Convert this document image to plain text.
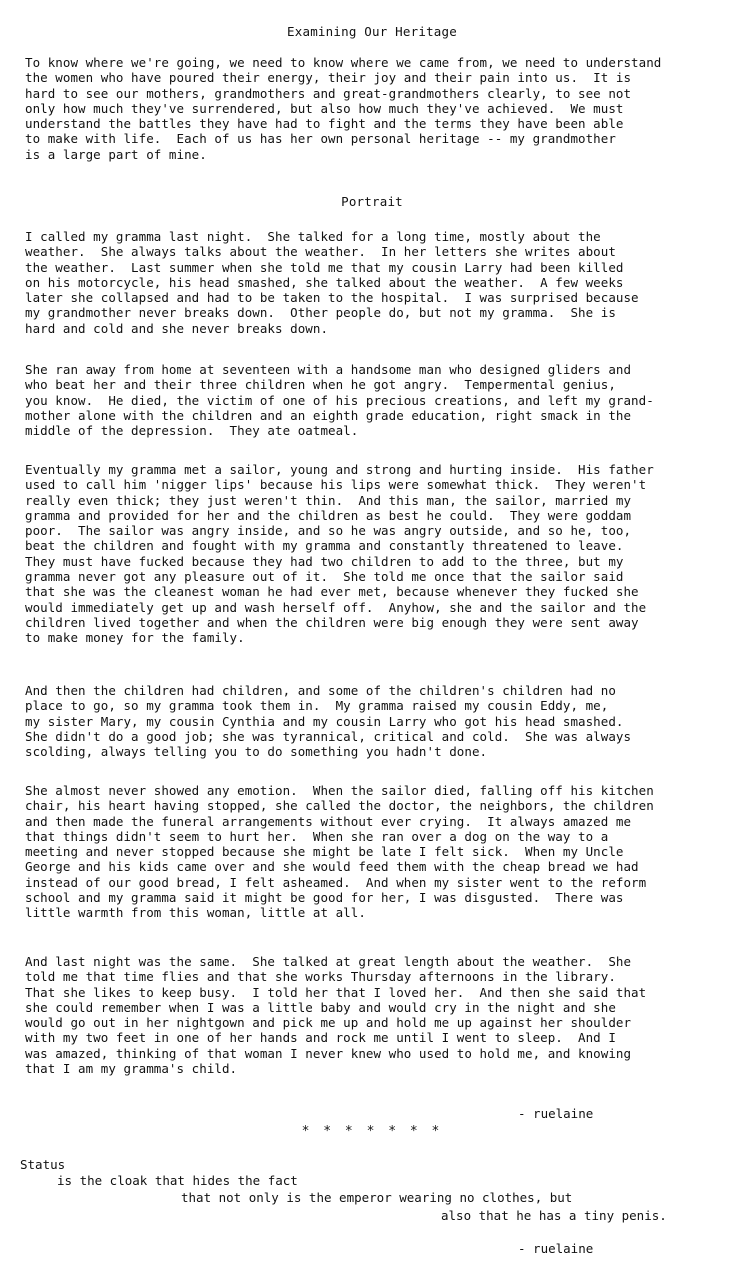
Examining Our Heritage
To know where we're going, we need to know where we came from, we need to understand
the women who have poured their energy, their joy and their pain into us.  It is
hard to see our mothers, grandmothers and great-grandmothers clearly, to see not
only how much they've surrendered, but also how much they've achieved.  We must
understand the battles they have had to fight and the terms they have been able
to make with life.  Each of us has her own personal heritage -- my grandmother
is a large part of mine.
Portrait
I called my gramma last night.  She talked for a long time, mostly about the
weather.  She always talks about the weather.  In her letters she writes about
the weather.  Last summer when she told me that my cousin Larry had been killed
on his motorcycle, his head smashed, she talked about the weather.  A few weeks
later she collapsed and had to be taken to the hospital.  I was surprised because
my grandmother never breaks down.  Other people do, but not my gramma.  She is
hard and cold and she never breaks down.
She ran away from home at seventeen with a handsome man who designed gliders and
who beat her and their three children when he got angry.  Tempermental genius,
you know.  He died, the victim of one of his precious creations, and left my grand-
mother alone with the children and an eighth grade education, right smack in the
middle of the depression.  They ate oatmeal.
Eventually my gramma met a sailor, young and strong and hurting inside.  His father
used to call him 'nigger lips' because his lips were somewhat thick.  They weren't
really even thick; they just weren't thin.  And this man, the sailor, married my
gramma and provided for her and the children as best he could.  They were goddam
poor.  The sailor was angry inside, and so he was angry outside, and so he, too,
beat the children and fought with my gramma and constantly threatened to leave.
They must have fucked because they had two children to add to the three, but my
gramma never got any pleasure out of it.  She told me once that the sailor said
that she was the cleanest woman he had ever met, because whenever they fucked she
would immediately get up and wash herself off.  Anyhow, she and the sailor and the
children lived together and when the children were big enough they were sent away
to make money for the family.
And then the children had children, and some of the children's children had no
place to go, so my gramma took them in.  My gramma raised my cousin Eddy, me,
my sister Mary, my cousin Cynthia and my cousin Larry who got his head smashed.
She didn't do a good job; she was tyrannical, critical and cold.  She was always
scolding, always telling you to do something you hadn't done.
She almost never showed any emotion.  When the sailor died, falling off his kitchen
chair, his heart having stopped, she called the doctor, the neighbors, the children
and then made the funeral arrangements without ever crying.  It always amazed me
that things didn't seem to hurt her.  When she ran over a dog on the way to a
meeting and never stopped because she might be late I felt sick.  When my Uncle
George and his kids came over and she would feed them with the cheap bread we had
instead of our good bread, I felt asheamed.  And when my sister went to the reform
school and my gramma said it might be good for her, I was disgusted.  There was
little warmth from this woman, little at all.
And last night was the same.  She talked at great length about the weather.  She
told me that time flies and that she works Thursday afternoons in the library.
That she likes to keep busy.  I told her that I loved her.  And then she said that
she could remember when I was a little baby and would cry in the night and she
would go out in her nightgown and pick me up and hold me up against her shoulder
with my two feet in one of her hands and rock me until I went to sleep.  And I
was amazed, thinking of that woman I never knew who used to hold me, and knowing
that I am my gramma's child.
- ruelaine
* * * * * * *
Status
is the cloak that hides the fact
that not only is the emperor wearing no clothes, but
also that he has a tiny penis.
- ruelaine
